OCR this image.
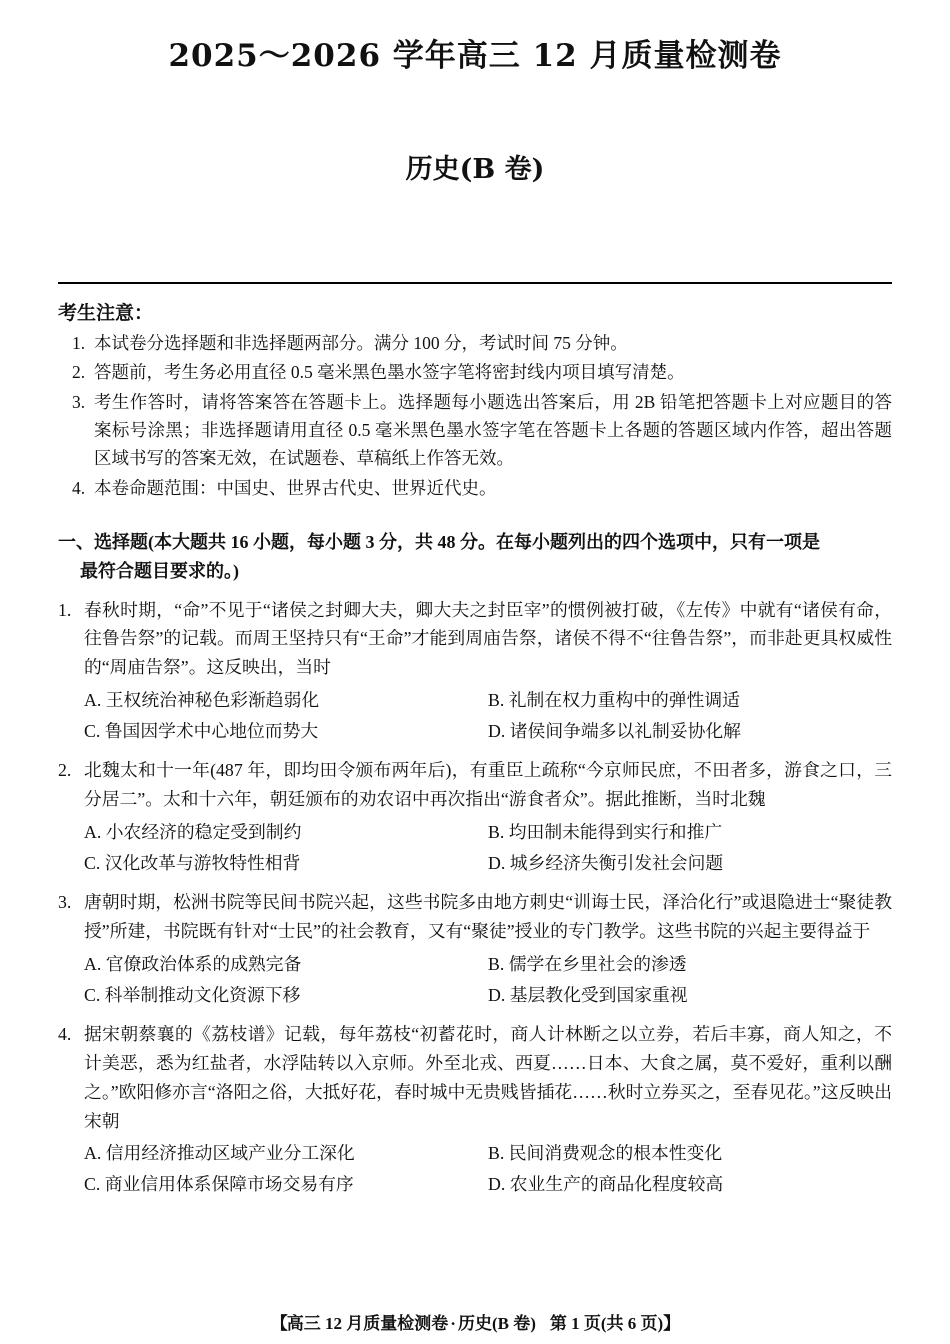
2025～2026 学年高三 12 月质量检测卷
历史(B 卷)
考生注意：
1. 本试卷分选择题和非选择题两部分。满分 100 分，考试时间 75 分钟。
2. 答题前，考生务必用直径 0.5 毫米黑色墨水签字笔将密封线内项目填写清楚。
3. 考生作答时，请将答案答在答题卡上。选择题每小题选出答案后，用 2B 铅笔把答题卡上对应题目的答案标号涂黑；非选择题请用直径 0.5 毫米黑色墨水签字笔在答题卡上各题的答题区域内作答，超出答题区域书写的答案无效，在试题卷、草稿纸上作答无效。
4. 本卷命题范围：中国史、世界古代史、世界近代史。
一、选择题(本大题共 16 小题，每小题 3 分，共 48 分。在每小题列出的四个选项中，只有一项是
最符合题目要求的。)
1. 春秋时期，“命”不见于“诸侯之封卿大夫，卿大夫之封臣宰”的惯例被打破，《左传》中就有“诸侯有命，往鲁告祭”的记载。而周王坚持只有“王命”才能到周庙告祭，诸侯不得不“往鲁告祭”，而非赴更具权威性的“周庙告祭”。这反映出，当时
A. 王权统治神秘色彩渐趋弱化	B. 礼制在权力重构中的弹性调适
C. 鲁国因学术中心地位而势大	D. 诸侯间争端多以礼制妥协化解
2. 北魏太和十一年(487 年，即均田令颁布两年后)，有重臣上疏称“今京师民庶，不田者多，游食之口，三分居二”。太和十六年，朝廷颁布的劝农诏中再次指出“游食者众”。据此推断，当时北魏
A. 小农经济的稳定受到制约	B. 均田制未能得到实行和推广
C. 汉化改革与游牧特性相背	D. 城乡经济失衡引发社会问题
3. 唐朝时期，松洲书院等民间书院兴起，这些书院多由地方刺史“训诲士民，泽洽化行”或退隐进士“聚徒教授”所建，书院既有针对“士民”的社会教育，又有“聚徒”授业的专门教学。这些书院的兴起主要得益于
A. 官僚政治体系的成熟完备	B. 儒学在乡里社会的渗透
C. 科举制推动文化资源下移	D. 基层教化受到国家重视
4. 据宋朝蔡襄的《荔枝谱》记载，每年荔枝“初蓄花时，商人计林断之以立券，若后丰寡，商人知之，不计美恶，悉为红盐者，水浮陆转以入京师。外至北戎、西夏……日本、大食之属，莫不爱好，重利以酬之。”欧阳修亦言“洛阳之俗，大抵好花，春时城中无贵贱皆插花……秋时立券买之，至春见花。”这反映出宋朝
A. 信用经济推动区域产业分工深化	B. 民间消费观念的根本性变化
C. 商业信用体系保障市场交易有序	D. 农业生产的商品化程度较高
【高三 12 月质量检测卷 · 历史(B 卷) 第 1 页(共 6 页)】
